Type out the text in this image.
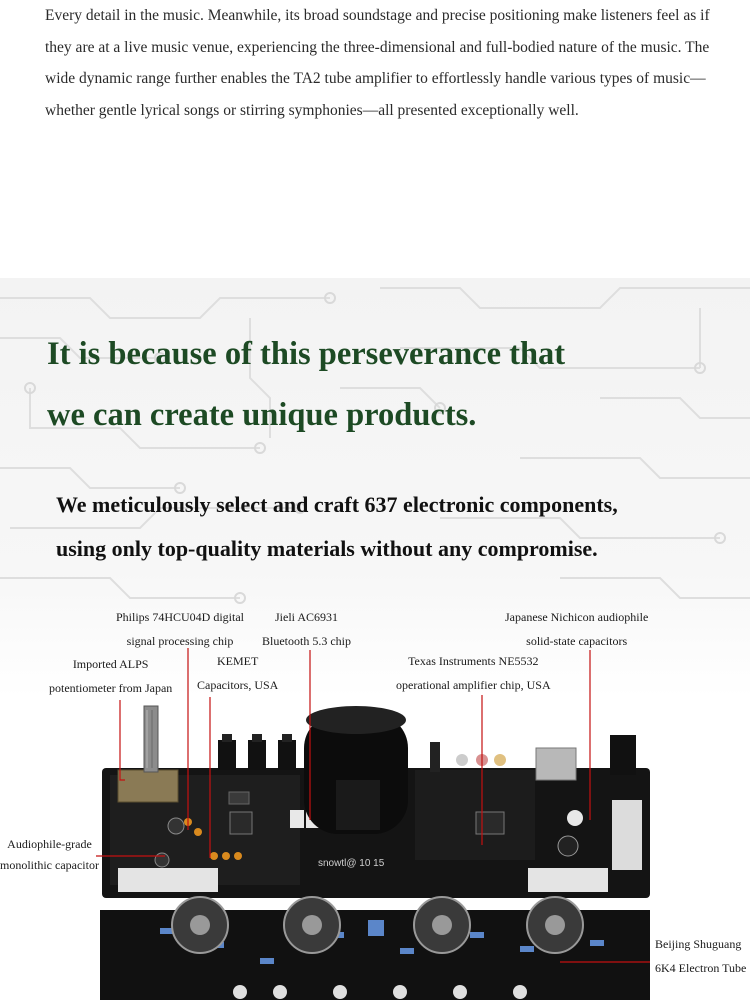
Every detail in the music. Meanwhile, its broad soundstage and precise positioning make listeners feel as if they are at a live music venue, experiencing the three-dimensional and full-bodied nature of the music. The wide dynamic range further enables the TA2 tube amplifier to effortlessly handle various types of music—whether gentle lyrical songs or stirring symphonies—all presented exceptionally well.

It is because of this perseverance that
we can create unique products.
We meticulously select and craft 637 electronic components,
using only top-quality materials without any compromise.
snowtl@ 10 15
Philips 74HCU04D digital
signal processing chip
Jieli AC6931
Bluetooth 5.3 chip
Japanese Nichicon audiophile
solid-state capacitors
Imported ALPS
potentiometer from Japan
KEMET
Capacitors, USA
Texas Instruments NE5532
operational amplifier chip, USA
Audiophile-grade
monolithic capacitor
Beijing Shuguang
6K4 Electron Tube
